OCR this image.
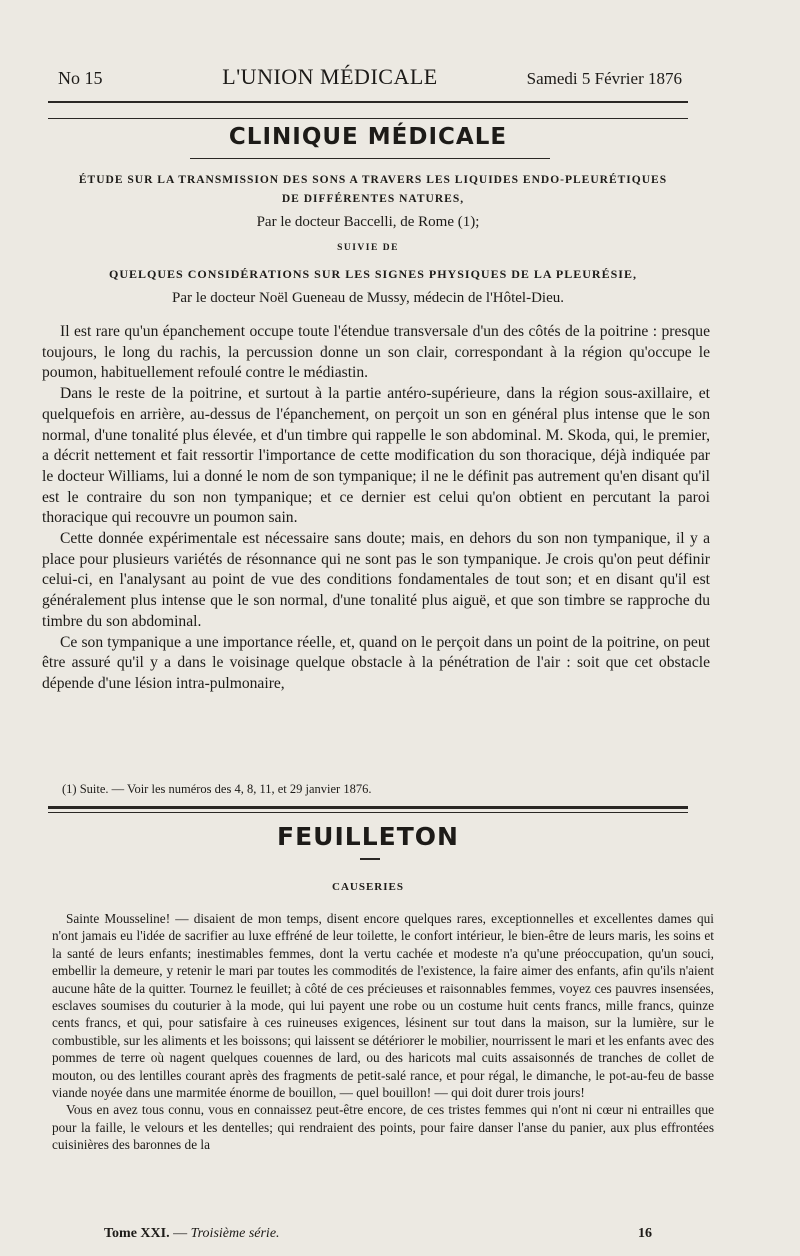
No 15	L'UNION MÉDICALE	Samedi 5 Février 1876
CLINIQUE MÉDICALE
ÉTUDE SUR LA TRANSMISSION DES SONS A TRAVERS LES LIQUIDES ENDO-PLEURÉTIQUES
DE DIFFÉRENTES NATURES,
Par le docteur Baccelli, de Rome (1);
SUIVIE DE
QUELQUES CONSIDÉRATIONS SUR LES SIGNES PHYSIQUES DE LA PLEURÉSIE,
Par le docteur Noël Gueneau de Mussy, médecin de l'Hôtel-Dieu.

Il est rare qu'un épanchement occupe toute l'étendue transversale d'un des côtés de la poitrine : presque toujours, le long du rachis, la percussion donne un son clair, correspondant à la région qu'occupe le poumon, habituellement refoulé contre le médiastin.

Dans le reste de la poitrine, et surtout à la partie antéro-supérieure, dans la région sous-axillaire, et quelquefois en arrière, au-dessus de l'épanchement, on perçoit un son en général plus intense que le son normal, d'une tonalité plus élevée, et d'un timbre qui rappelle le son abdominal. M. Skoda, qui, le premier, a décrit nettement et fait ressortir l'importance de cette modification du son thoracique, déjà indiquée par le docteur Williams, lui a donné le nom de son tympanique; il ne le définit pas autrement qu'en disant qu'il est le contraire du son non tympanique; et ce dernier est celui qu'on obtient en percutant la paroi thoracique qui recouvre un poumon sain.

Cette donnée expérimentale est nécessaire sans doute; mais, en dehors du son non tympanique, il y a place pour plusieurs variétés de résonnance qui ne sont pas le son tympanique. Je crois qu'on peut définir celui-ci, en l'analysant au point de vue des conditions fondamentales de tout son; et en disant qu'il est généralement plus intense que le son normal, d'une tonalité plus aiguë, et que son timbre se rapproche du timbre du son abdominal.

Ce son tympanique a une importance réelle, et, quand on le perçoit dans un point de la poitrine, on peut être assuré qu'il y a dans le voisinage quelque obstacle à la pénétration de l'air : soit que cet obstacle dépende d'une lésion intra-pulmonaire,

(1) Suite. — Voir les numéros des 4, 8, 11, et 29 janvier 1876.
FEUILLETON
CAUSERIES

Sainte Mousseline! — disaient de mon temps, disent encore quelques rares, exceptionnelles et excellentes dames qui n'ont jamais eu l'idée de sacrifier au luxe effréné de leur toilette, le confort intérieur, le bien-être de leurs maris, les soins et la santé de leurs enfants; inestimables femmes, dont la vertu cachée et modeste n'a qu'une préoccupation, qu'un souci, embellir la demeure, y retenir le mari par toutes les commodités de l'existence, la faire aimer des enfants, afin qu'ils n'aient aucune hâte de la quitter. Tournez le feuillet; à côté de ces précieuses et raisonnables femmes, voyez ces pauvres insensées, esclaves soumises du couturier à la mode, qui lui payent une robe ou un costume huit cents francs, mille francs, quinze cents francs, et qui, pour satisfaire à ces ruineuses exigences, lésinent sur tout dans la maison, sur la lumière, sur le combustible, sur les aliments et les boissons; qui laissent se détériorer le mobilier, nourrissent le mari et les enfants avec des pommes de terre où nagent quelques couennes de lard, ou des haricots mal cuits assaisonnés de tranches de collet de mouton, ou des lentilles courant après des fragments de petit-salé rance, et pour régal, le dimanche, le pot-au-feu de basse viande noyée dans une marmitée énorme de bouillon, — quel bouillon! — qui doit durer trois jours!

Vous en avez tous connu, vous en connaissez peut-être encore, de ces tristes femmes qui n'ont ni cœur ni entrailles que pour la faille, le velours et les dentelles; qui rendraient des points, pour faire danser l'anse du panier, aux plus effrontées cuisinières des baronnes de la

Tome XXI. — Troisième série.	16
